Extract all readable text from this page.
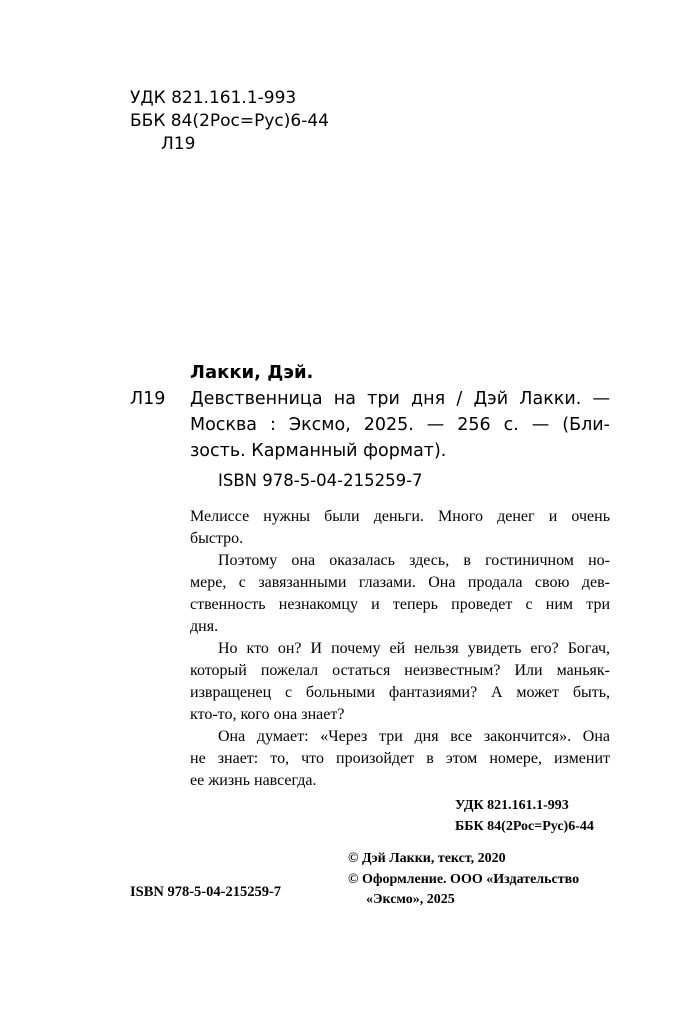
УДК 821.161.1-993
ББК 84(2Рос=Рус)6-44
Л19
Лакки, Дэй.
Л19 Девственница на три дня / Дэй Лакки. —
Москва : Эксмо, 2025. — 256 с. — (Бли-
зость. Карманный формат).
ISBN 978-5-04-215259-7
Мелиссе нужны были деньги. Много денег и очень
быстро.
Поэтому она оказалась здесь, в гостиничном но-
мере, с завязанными глазами. Она продала свою дев-
ственность незнакомцу и теперь проведет с ним три
дня.
Но кто он? И почему ей нельзя увидеть его? Богач,
который пожелал остаться неизвестным? Или маньяк-
извращенец с больными фантазиями? А может быть,
кто-то, кого она знает?
Она думает: «Через три дня все закончится». Она
не знает: то, что произойдет в этом номере, изменит
ее жизнь навсегда.
УДК 821.161.1-993
ББК 84(2Рос=Рус)6-44
© Дэй Лакки, текст, 2020
© Оформление. ООО «Издательство
«Эксмо», 2025
ISBN 978-5-04-215259-7
